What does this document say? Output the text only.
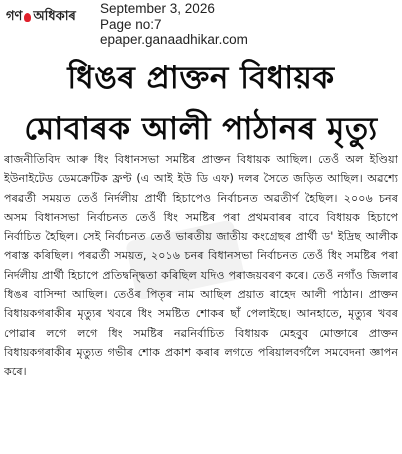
গণ অধিকাৰ September 3, 2026
Page no:7
epaper.ganaadhikar.com
ধিঙৰ প্ৰাক্তন বিধায়ক
মোবাৰক আলী পাঠানৰ মৃত্যু

ৰাজনীতিবিদ আৰু ধিং বিধানসভা সমষ্টিৰ প্ৰাক্তন বিধায়ক আছিল। তেওঁ অল ইণ্ডিয়া ইউনাইটেড ডেমক্ৰেটিক ফ্ৰণ্ট (এ আই ইউ ডি এফ) দলৰ সৈতে জড়িত আছিল। অৱশ্যে পৰৱৰ্তী সময়ত তেওঁ নিৰ্দলীয় প্ৰাৰ্থী হিচাপেও নিৰ্বাচনত অৱতীৰ্ণ হৈছিল। ২০০৬ চনৰ অসম বিধানসভা নিৰ্বাচনত তেওঁ ধিং সমষ্টিৰ পৰা প্ৰথমবাৰৰ বাবে বিধায়ক হিচাপে নিৰ্বাচিত হৈছিল। সেই নিৰ্বাচনত তেওঁ ভাৰতীয় জাতীয় কংগ্ৰেছৰ প্ৰাৰ্থী ড' ইদ্ৰিছ আলীক পৰাস্ত কৰিছিল। পৰৱৰ্তী সময়ত, ২০১৬ চনৰ বিধানসভা নিৰ্বাচনত তেওঁ ধিং সমষ্টিৰ পৰা নিৰ্দলীয় প্ৰাৰ্থী হিচাপে প্ৰতিদ্বন্দ্বিতা কৰিছিল যদিও পৰাজয়বৰণ কৰে। তেওঁ নগাঁও জিলাৰ ধিঙৰ বাসিন্দা আছিল। তেওঁৰ পিতৃৰ নাম আছিল প্ৰয়াত ৰাহেদ আলী পাঠান। প্ৰাক্তন বিধায়কগৰাকীৰ মৃত্যুৰ খবৰে ধিং সমষ্টিত শোকৰ ছাঁ পেলাইছে। আনহাতে, মৃত্যুৰ খবৰ পোৱাৰ লগে লগে ধিং সমষ্টিৰ নৱনিৰ্বাচিত বিধায়ক মেহবুব মোক্তাৰে প্ৰাক্তন বিধায়কগৰাকীৰ মৃত্যুত গভীৰ শোক প্ৰকাশ কৰাৰ লগতে পৰিয়ালবৰ্গলৈ সমবেদনা জ্ঞাপন কৰে।
